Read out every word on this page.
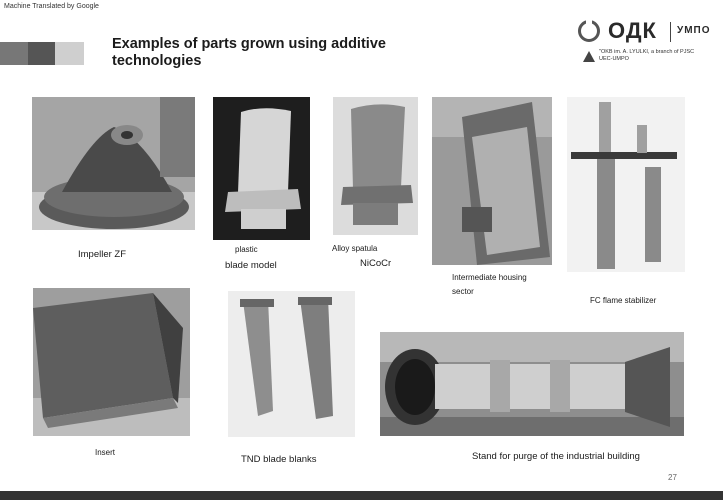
Machine Translated by Google
Examples of parts grown using additive technologies
ОДК УМПО
"OKB im. A. LYULKI, a branch of PJSC UEC-UMPO
Impeller ZF	plastic
blade model
Alloy spatula
NiCoCr
Intermediate housing
sector
FC flame stabilizer
Insert
TND blade blanks	Stand for purge of the industrial building
27
